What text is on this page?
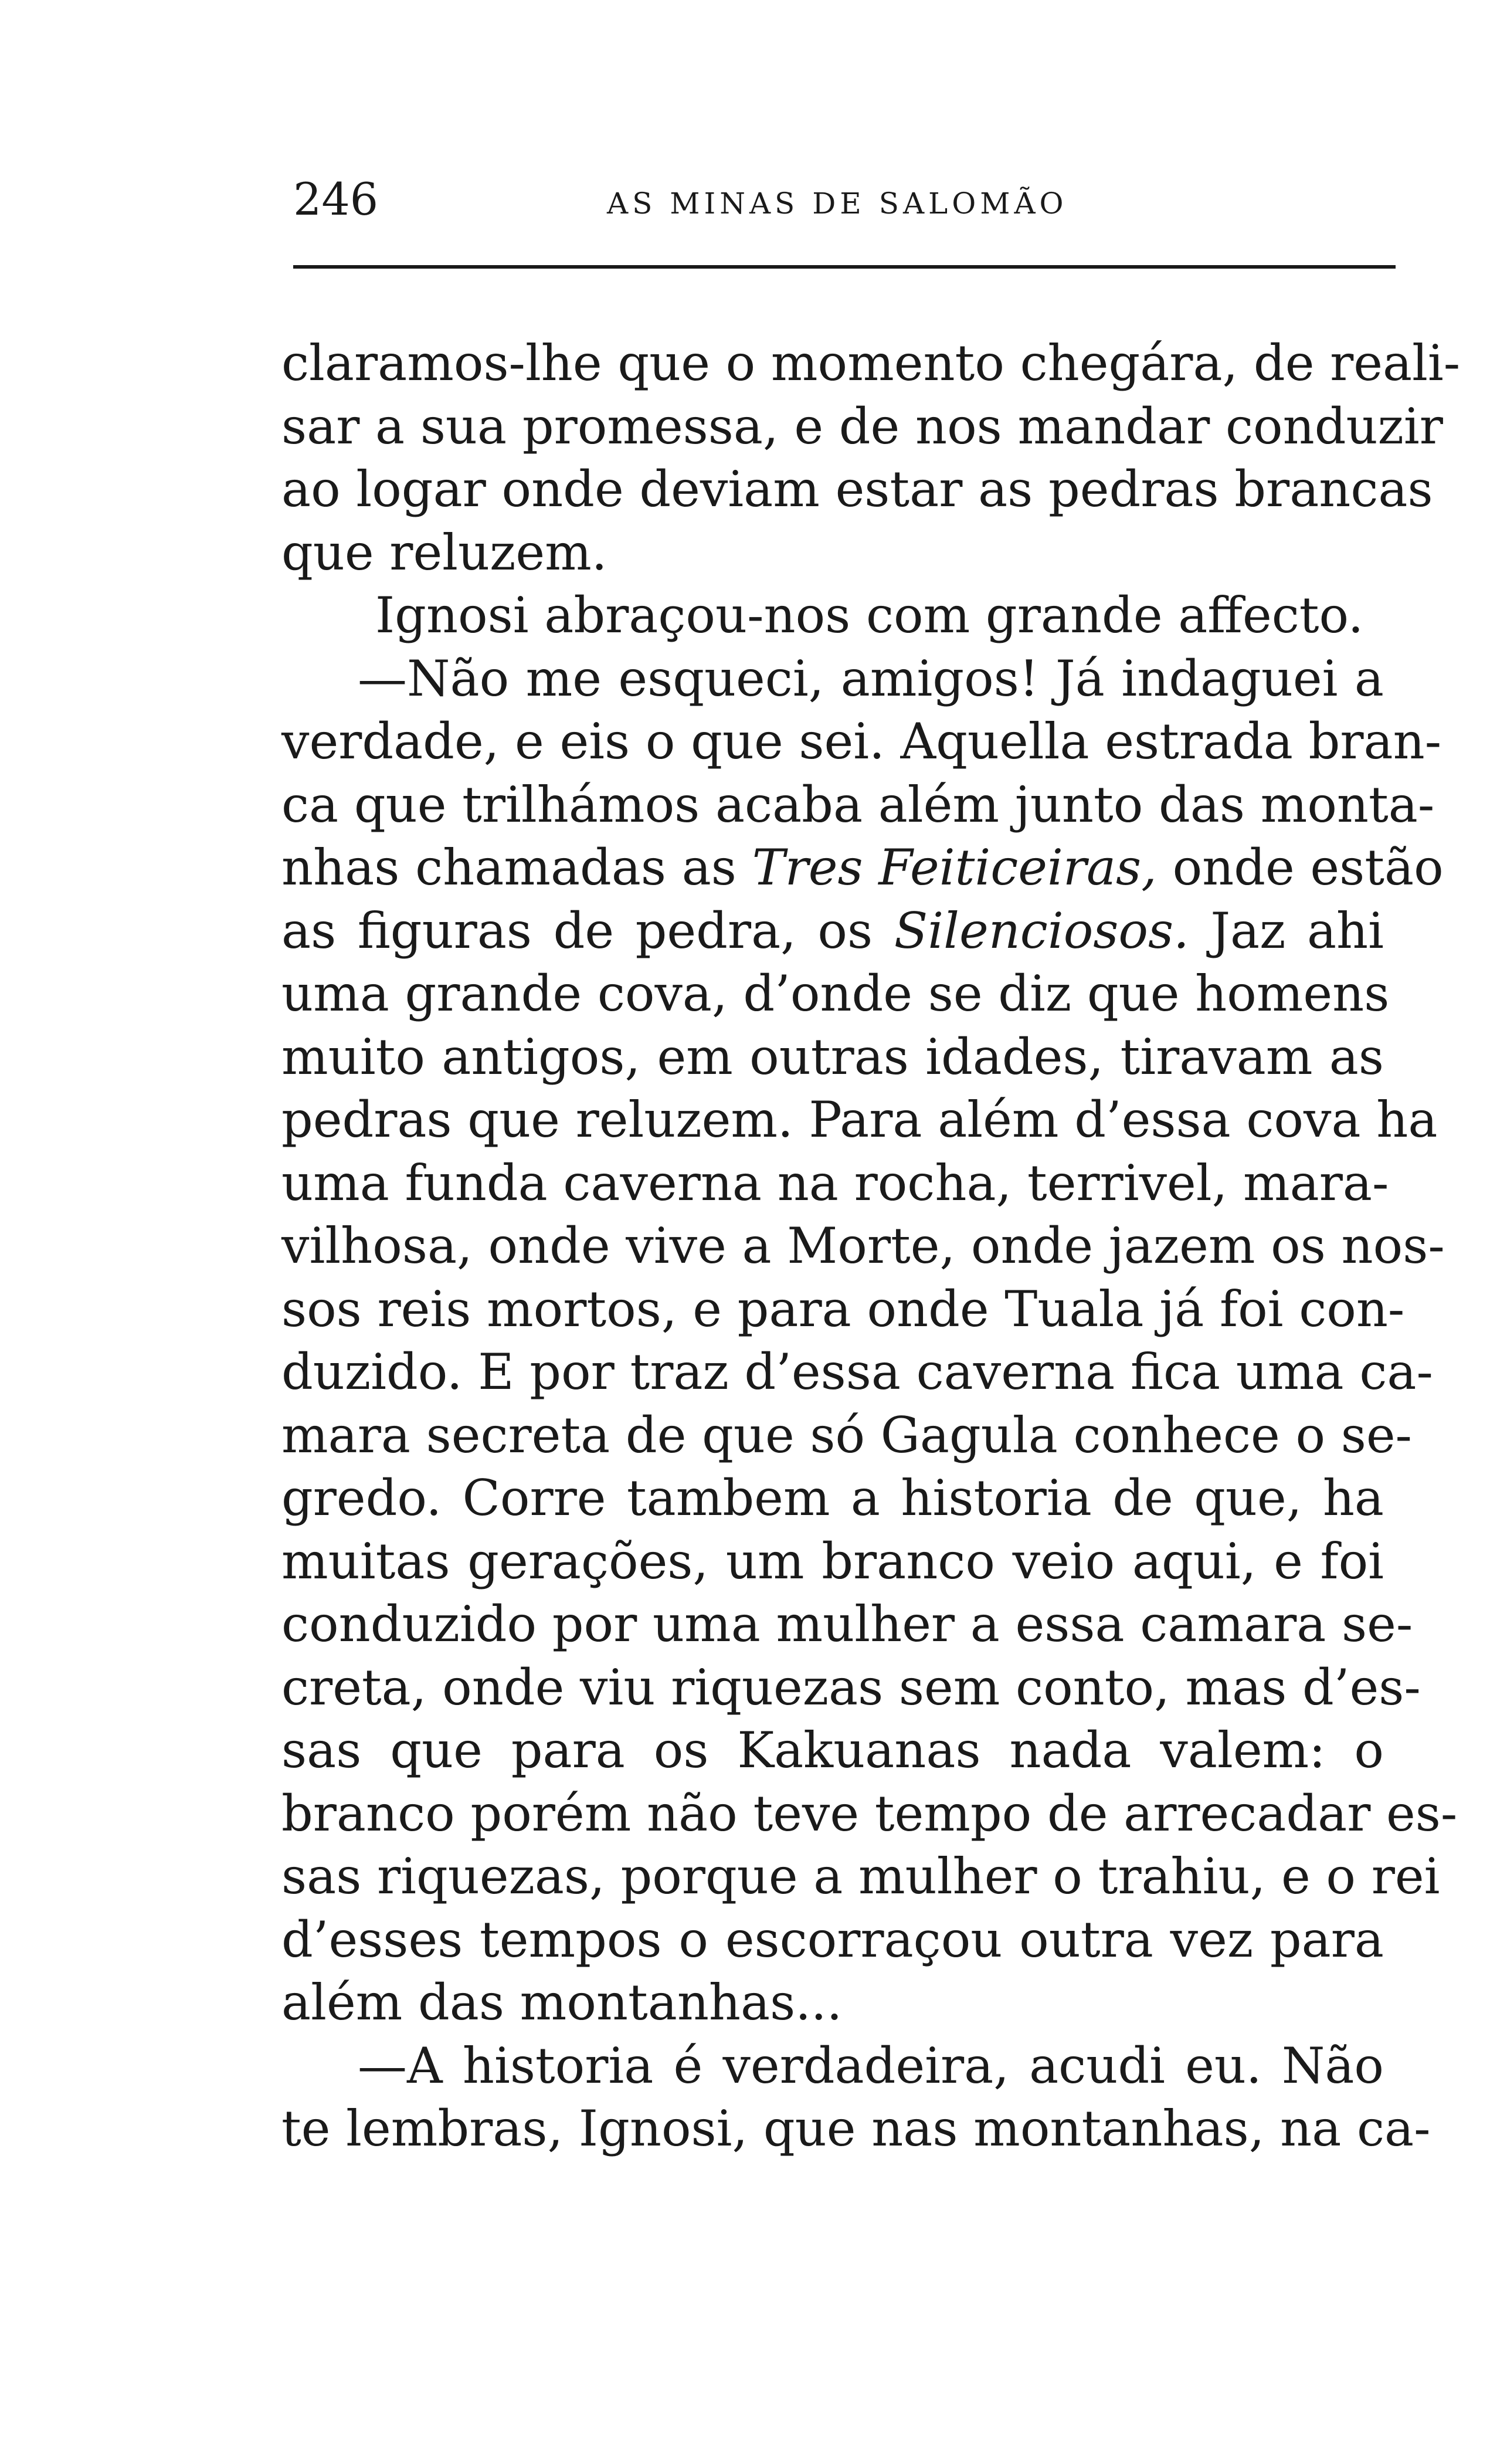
246	AS MINAS DE SALOMÃO
claramos-lhe que o momento chegára, de reali-
sar a sua promessa, e de nos mandar conduzir
ao logar onde deviam estar as pedras brancas
que reluzem.
Ignosi abraçou-nos com grande affecto.
—Não me esqueci, amigos! Já indaguei a
verdade, e eis o que sei. Aquella estrada bran-
ca que trilhámos acaba além junto das monta-
nhas chamadas as Tres Feiticeiras, onde estão
as figuras de pedra, os Silenciosos. Jaz ahi
uma grande cova, d’onde se diz que homens
muito antigos, em outras idades, tiravam as
pedras que reluzem. Para além d’essa cova ha
uma funda caverna na rocha, terrivel, mara-
vilhosa, onde vive a Morte, onde jazem os nos-
sos reis mortos, e para onde Tuala já foi con-
duzido. E por traz d’essa caverna fica uma ca-
mara secreta de que só Gagula conhece o se-
gredo. Corre tambem a historia de que, ha
muitas gerações, um branco veio aqui, e foi
conduzido por uma mulher a essa camara se-
creta, onde viu riquezas sem conto, mas d’es-
sas que para os Kakuanas nada valem: o
branco porém não teve tempo de arrecadar es-
sas riquezas, porque a mulher o trahiu, e o rei
d’esses tempos o escorraçou outra vez para
além das montanhas...
—A historia é verdadeira, acudi eu. Não
te lembras, Ignosi, que nas montanhas, na ca-
